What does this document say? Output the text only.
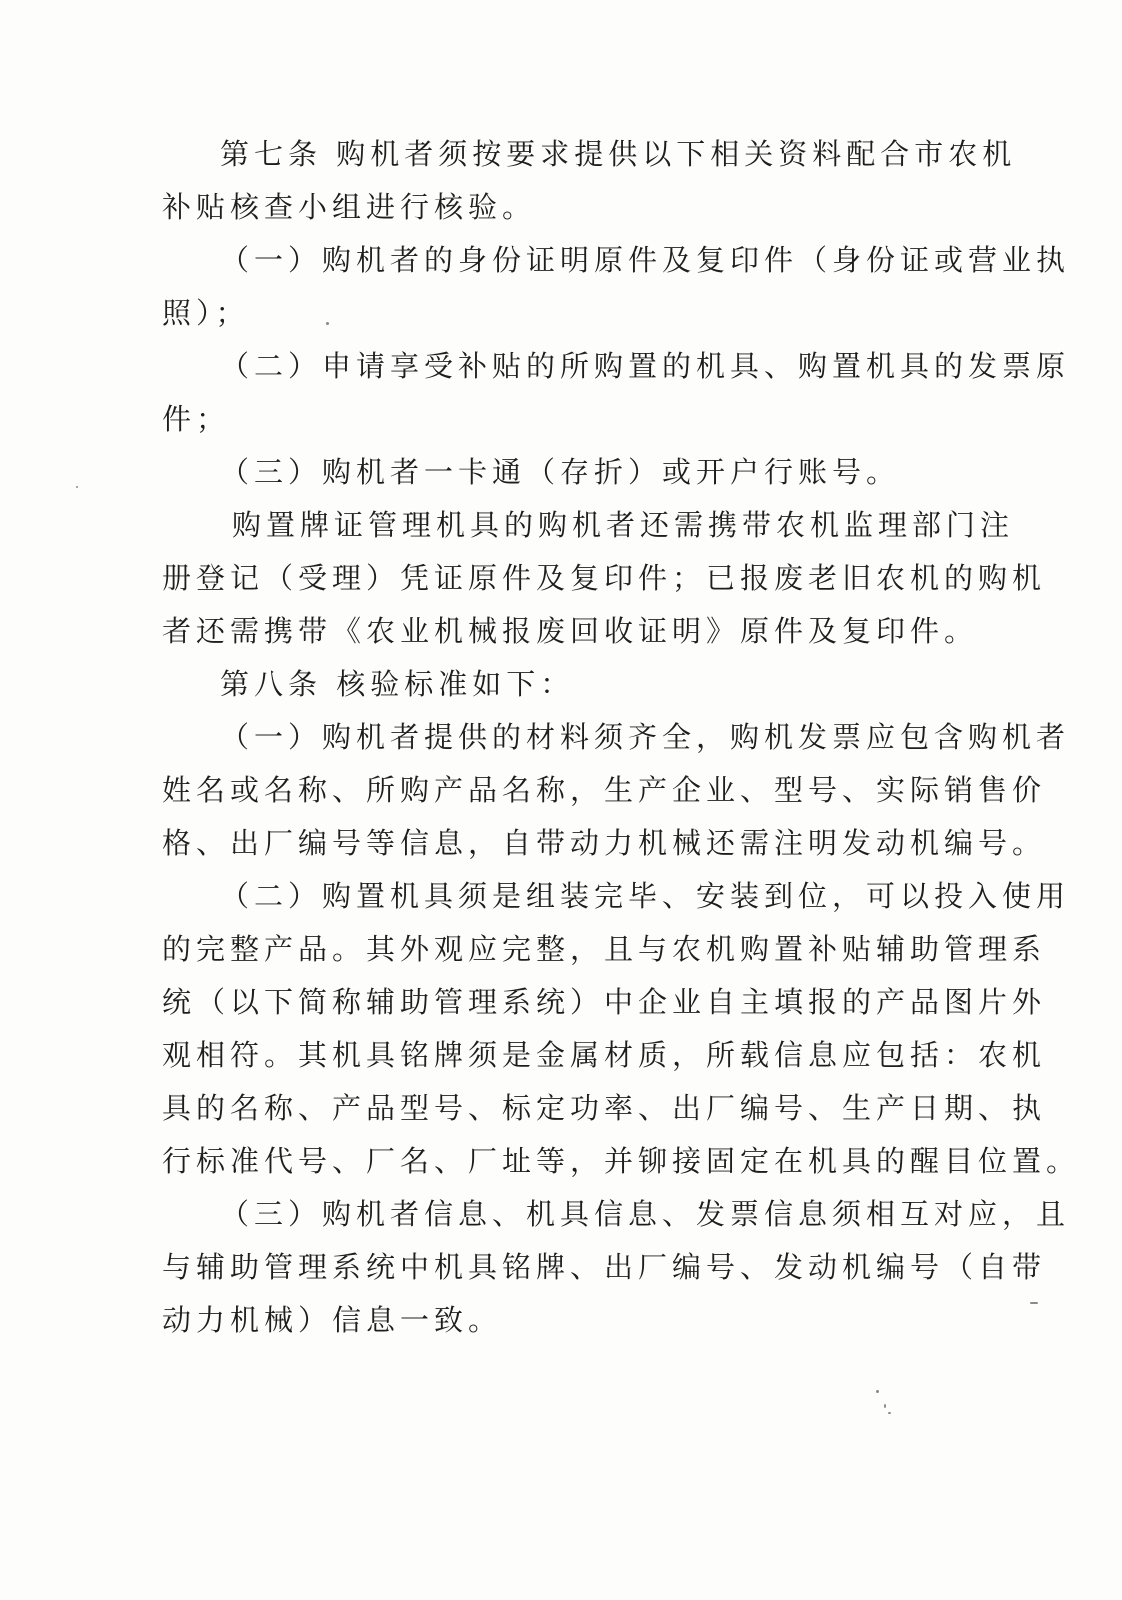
第七条 购机者须按要求提供以下相关资料配合市农机
补贴核查小组进行核验。
（一）购机者的身份证明原件及复印件（身份证或营业执
照）；
（二）申请享受补贴的所购置的机具、购置机具的发票原
件；
（三）购机者一卡通（存折）或开户行账号。
购置牌证管理机具的购机者还需携带农机监理部门注
册登记（受理）凭证原件及复印件；已报废老旧农机的购机
者还需携带《农业机械报废回收证明》原件及复印件。
第八条 核验标准如下：
（一）购机者提供的材料须齐全，购机发票应包含购机者
姓名或名称、所购产品名称，生产企业、型号、实际销售价
格、出厂编号等信息，自带动力机械还需注明发动机编号。
（二）购置机具须是组装完毕、安装到位，可以投入使用
的完整产品。其外观应完整，且与农机购置补贴辅助管理系
统（以下简称辅助管理系统）中企业自主填报的产品图片外
观相符。其机具铭牌须是金属材质，所载信息应包括：农机
具的名称、产品型号、标定功率、出厂编号、生产日期、执
行标准代号、厂名、厂址等，并铆接固定在机具的醒目位置。
（三）购机者信息、机具信息、发票信息须相互对应，且
与辅助管理系统中机具铭牌、出厂编号、发动机编号（自带
动力机械）信息一致。
